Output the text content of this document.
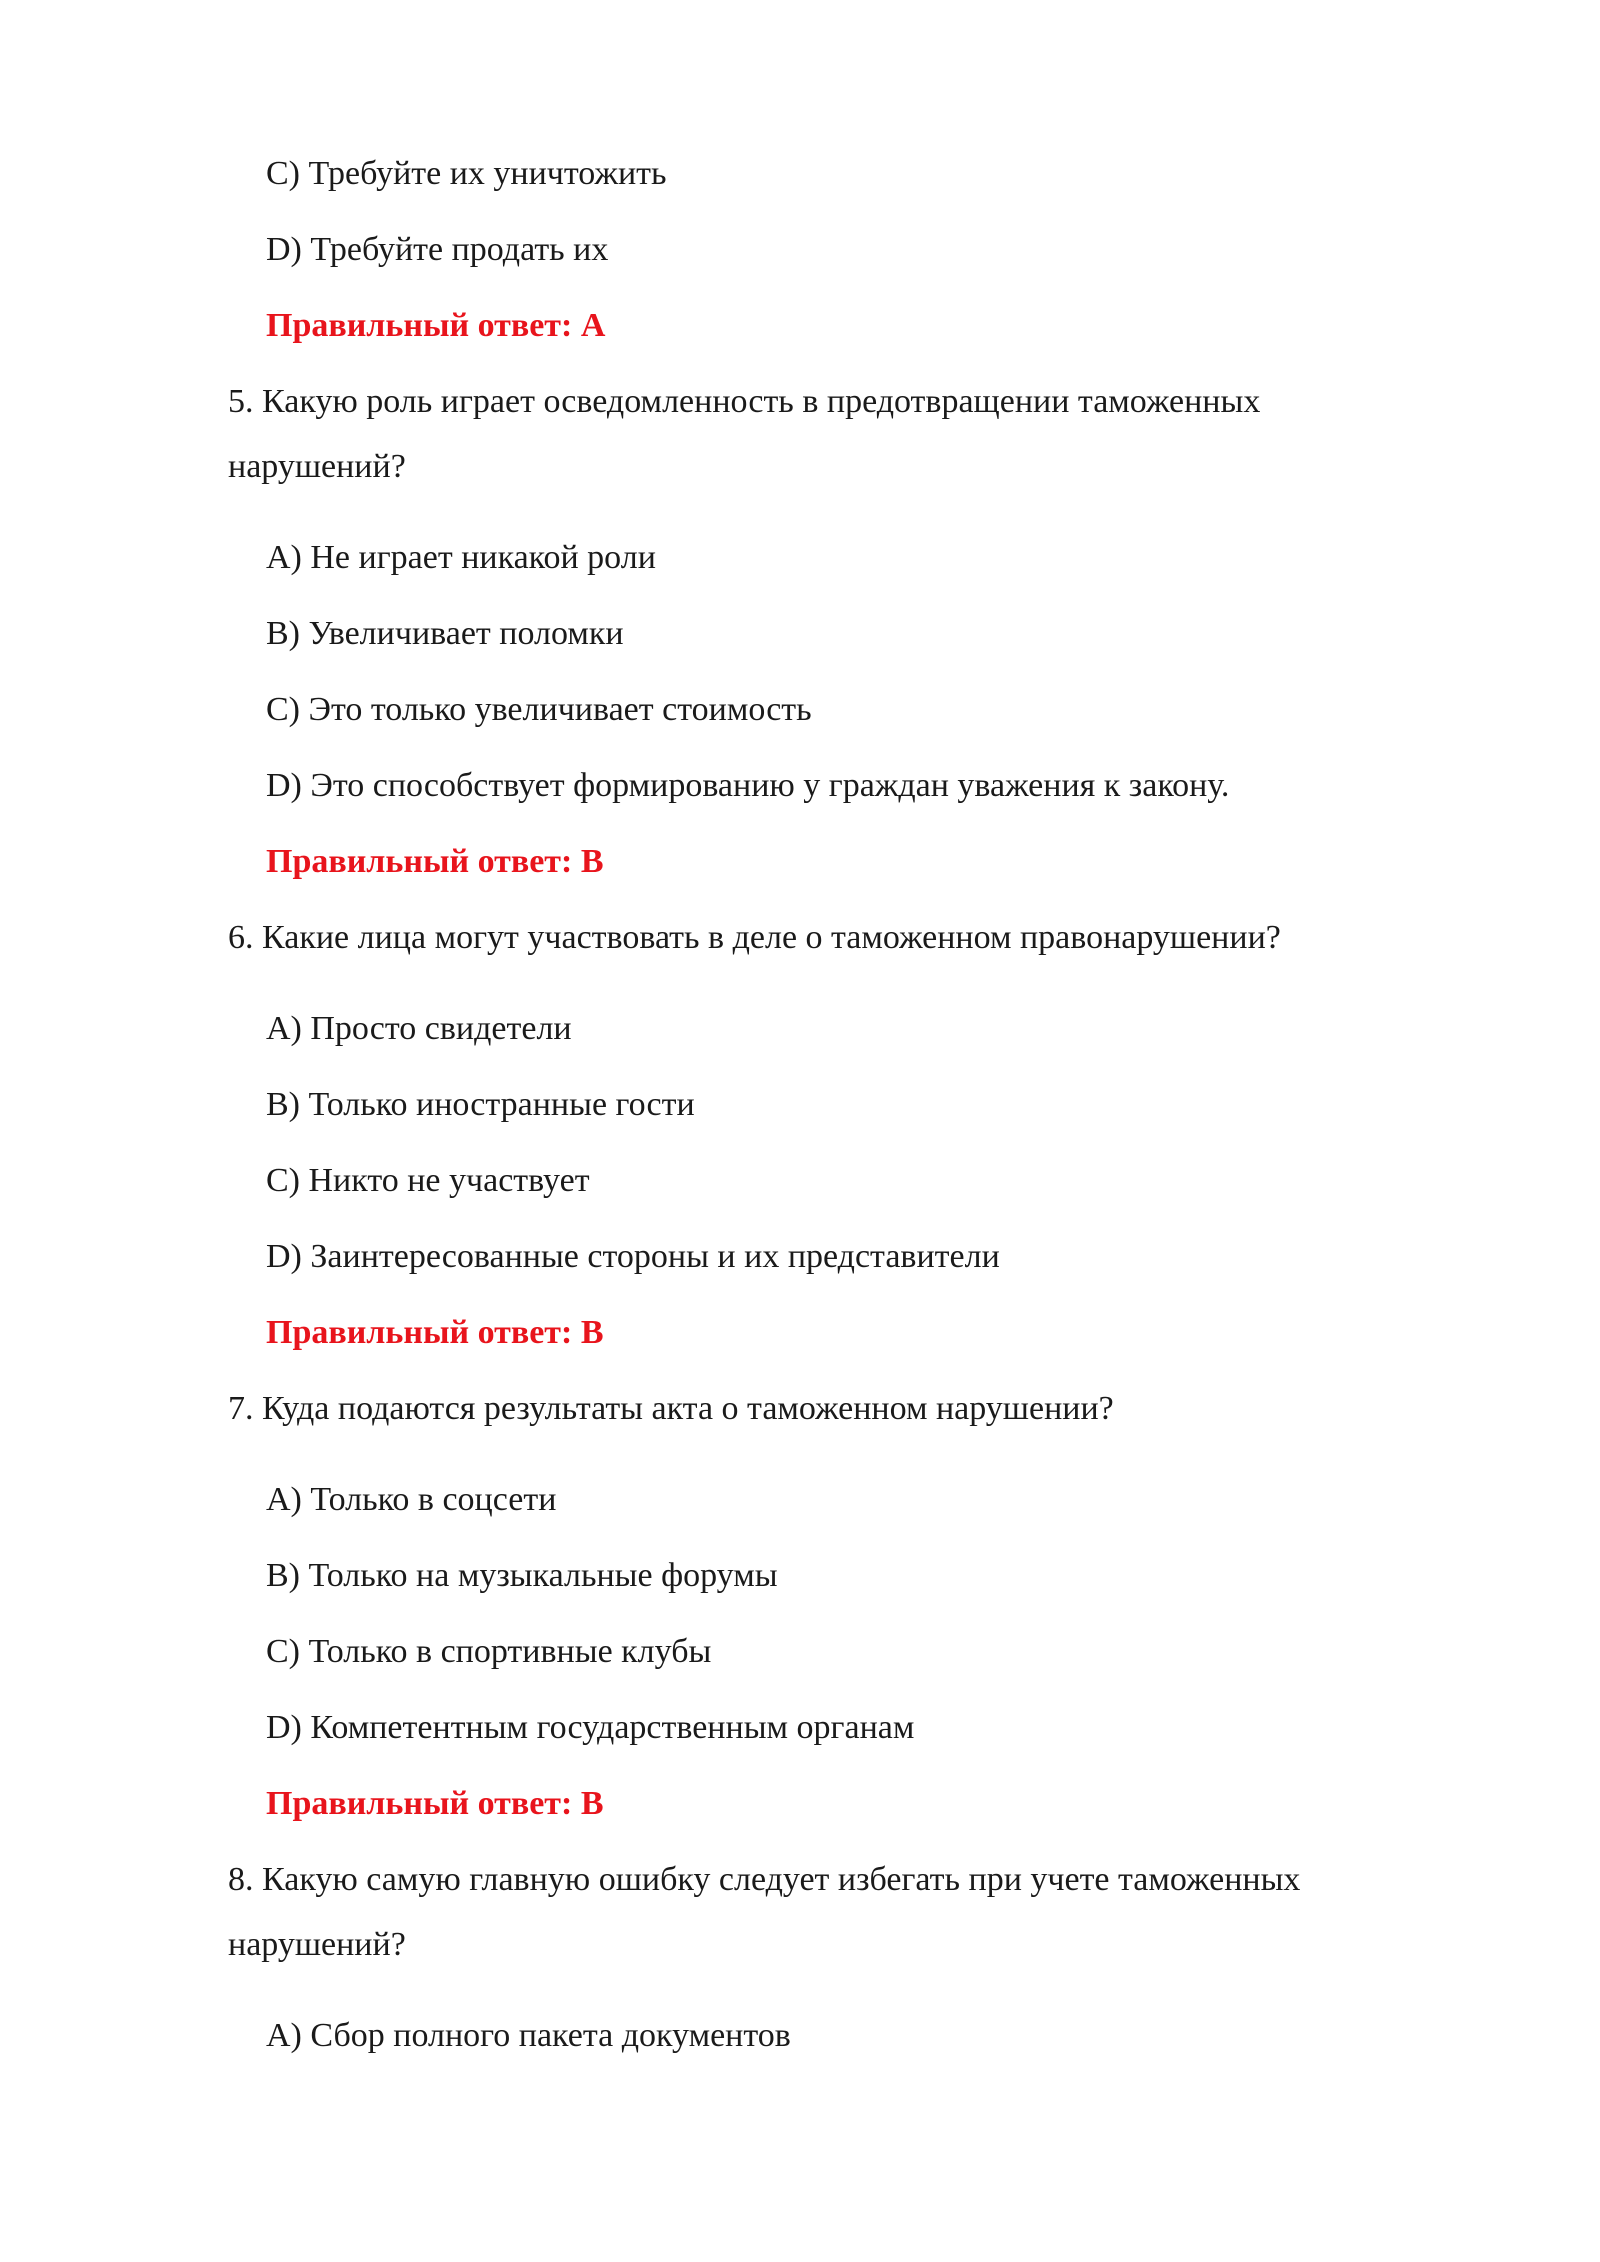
C) Требуйте их уничтожить
D) Требуйте продать их
Правильный ответ: A
5. Какую роль играет осведомленность в предотвращении таможенных
нарушений?
A) Не играет никакой роли
B) Увеличивает поломки
C) Это только увеличивает стоимость
D) Это способствует формированию у граждан уважения к закону.
Правильный ответ: B
6. Какие лица могут участвовать в деле о таможенном правонарушении?
A) Просто свидетели
B) Только иностранные гости
C) Никто не участвует
D) Заинтересованные стороны и их представители
Правильный ответ: B
7. Куда подаются результаты акта о таможенном нарушении?
A) Только в соцсети
B) Только на музыкальные форумы
C) Только в спортивные клубы
D) Компетентным государственным органам
Правильный ответ: B
8. Какую самую главную ошибку следует избегать при учете таможенных
нарушений?
A) Сбор полного пакета документов
